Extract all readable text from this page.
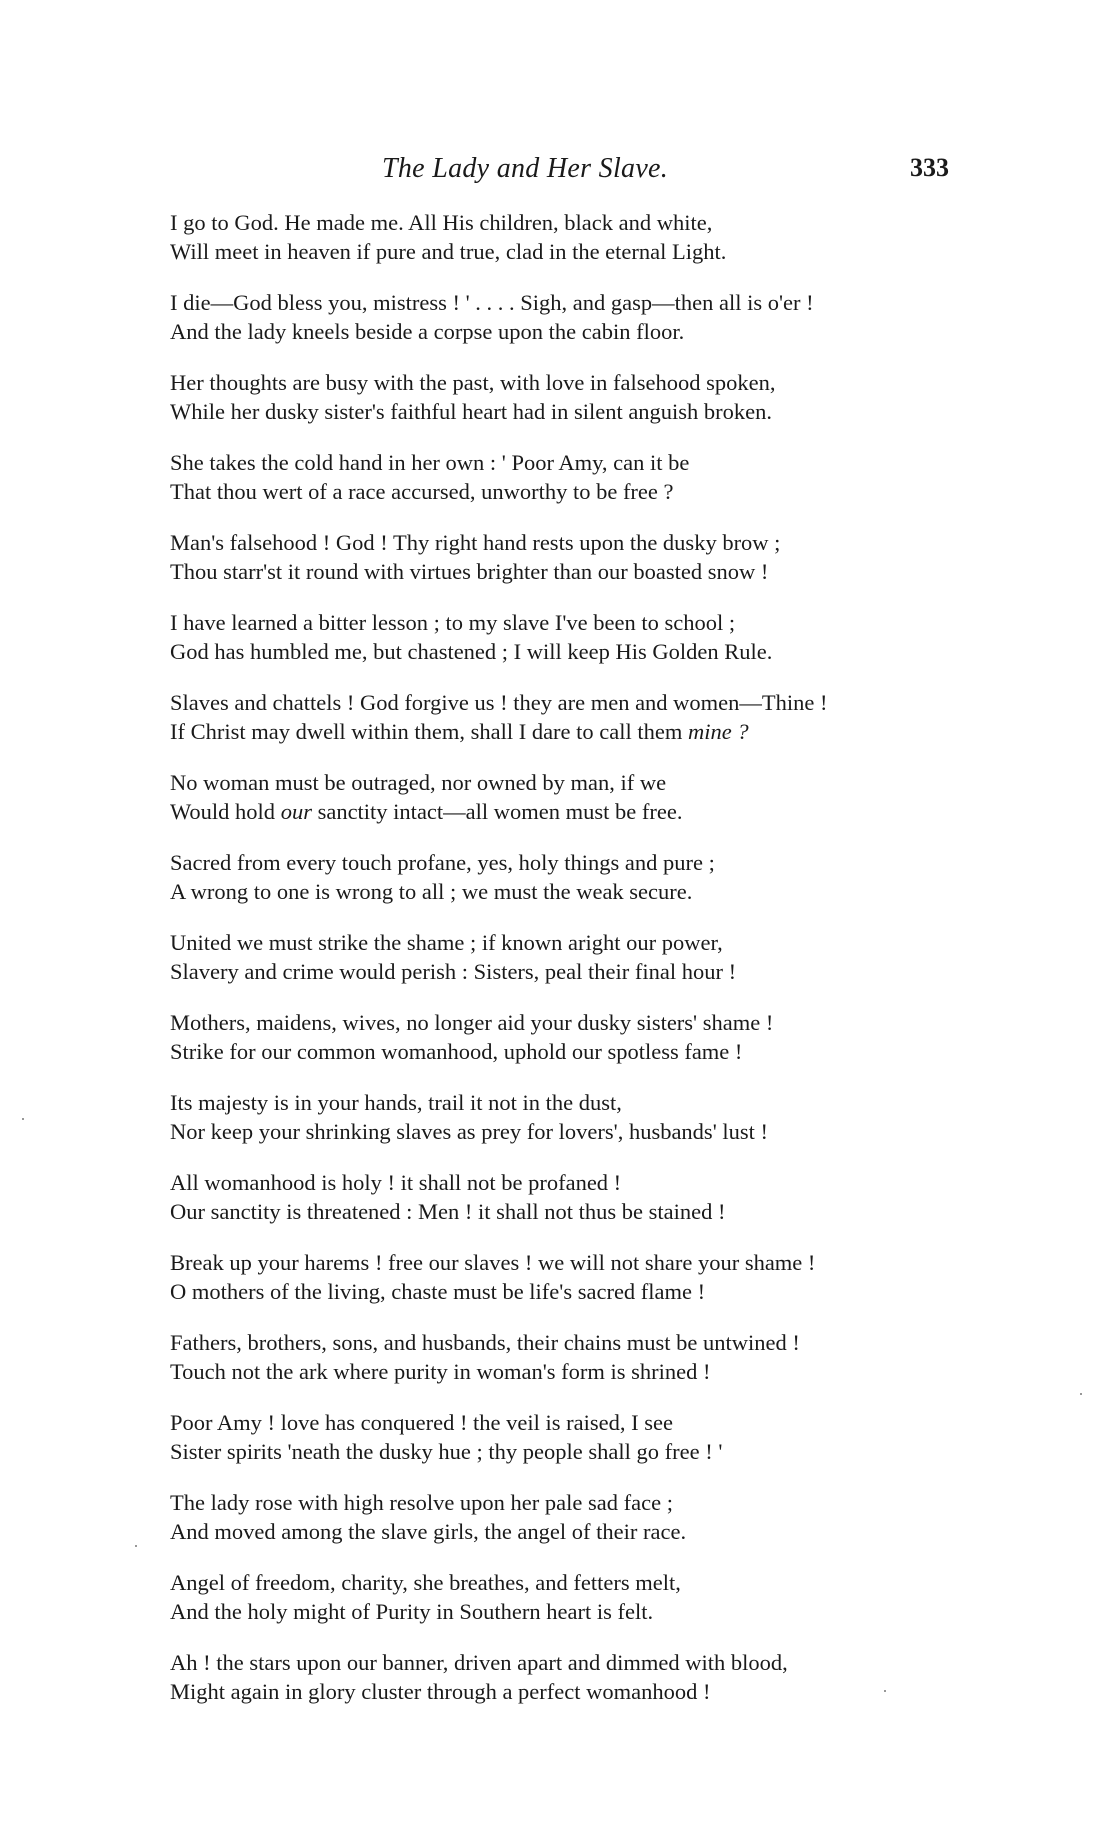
The Lady and Her Slave.	333
I go to God. He made me. All His children, black and white,
Will meet in heaven if pure and true, clad in the eternal Light.
I die—God bless you, mistress ! ' . . . . Sigh, and gasp—then all is o'er !
And the lady kneels beside a corpse upon the cabin floor.
Her thoughts are busy with the past, with love in falsehood spoken,
While her dusky sister's faithful heart had in silent anguish broken.
She takes the cold hand in her own : ' Poor Amy, can it be
That thou wert of a race accursed, unworthy to be free ?
Man's falsehood ! God ! Thy right hand rests upon the dusky brow ;
Thou starr'st it round with virtues brighter than our boasted snow !
I have learned a bitter lesson ; to my slave I've been to school ;
God has humbled me, but chastened ; I will keep His Golden Rule.
Slaves and chattels ! God forgive us ! they are men and women—Thine !
If Christ may dwell within them, shall I dare to call them mine ?
No woman must be outraged, nor owned by man, if we
Would hold our sanctity intact—all women must be free.
Sacred from every touch profane, yes, holy things and pure ;
A wrong to one is wrong to all ; we must the weak secure.
United we must strike the shame ; if known aright our power,
Slavery and crime would perish : Sisters, peal their final hour !
Mothers, maidens, wives, no longer aid your dusky sisters' shame !
Strike for our common womanhood, uphold our spotless fame !
Its majesty is in your hands, trail it not in the dust,
Nor keep your shrinking slaves as prey for lovers', husbands' lust !
All womanhood is holy ! it shall not be profaned !
Our sanctity is threatened : Men ! it shall not thus be stained !
Break up your harems ! free our slaves ! we will not share your shame !
O mothers of the living, chaste must be life's sacred flame !
Fathers, brothers, sons, and husbands, their chains must be untwined !
Touch not the ark where purity in woman's form is shrined !
Poor Amy ! love has conquered ! the veil is raised, I see
Sister spirits 'neath the dusky hue ; thy people shall go free ! '
The lady rose with high resolve upon her pale sad face ;
And moved among the slave girls, the angel of their race.
Angel of freedom, charity, she breathes, and fetters melt,
And the holy might of Purity in Southern heart is felt.
Ah ! the stars upon our banner, driven apart and dimmed with blood,
Might again in glory cluster through a perfect womanhood !
